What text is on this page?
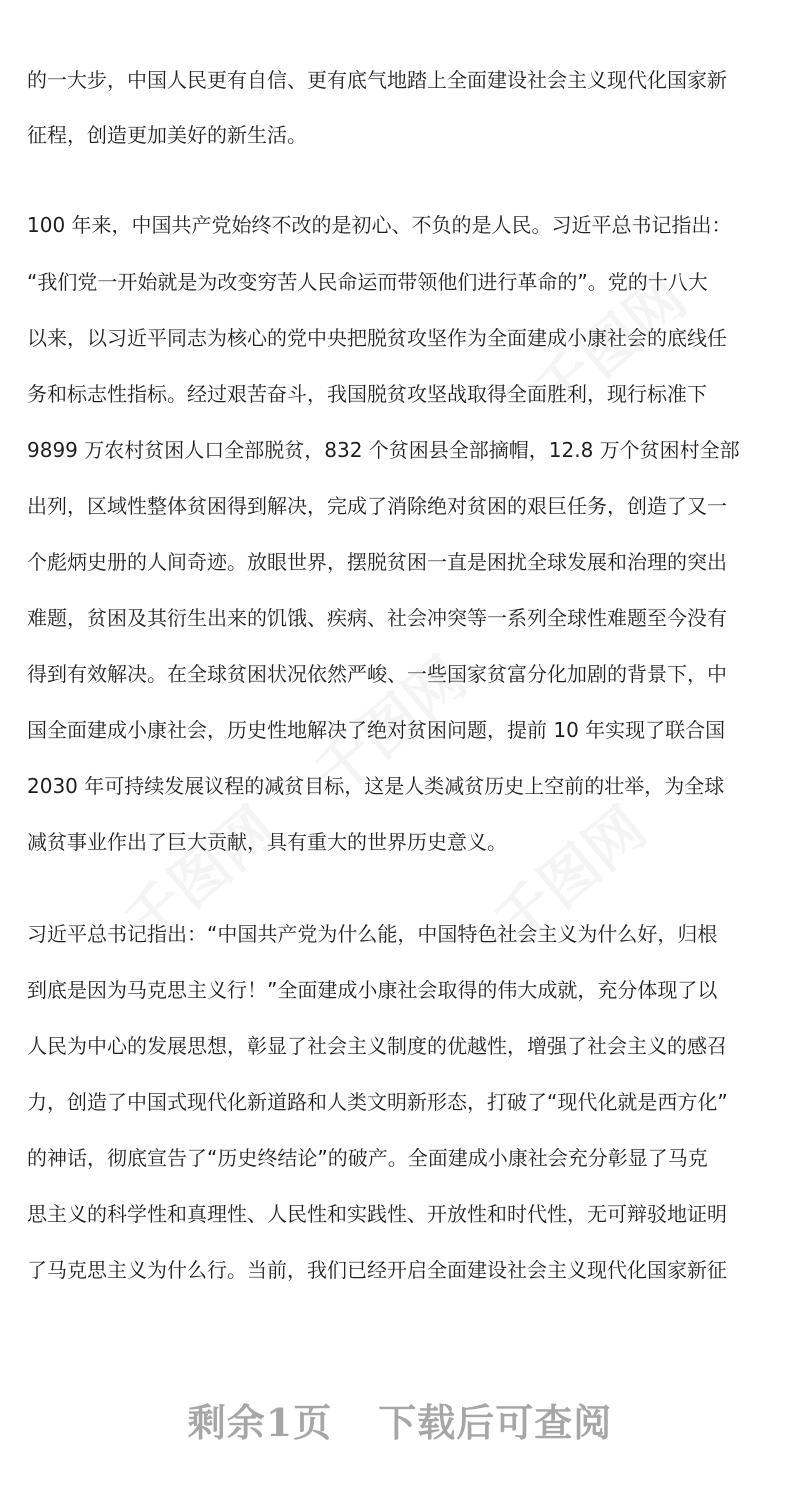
的一大步，中国人民更有自信、更有底气地踏上全面建设社会主义现代化国家新
征程，创造更加美好的新生活。
100 年来，中国共产党始终不改的是初心、不负的是人民。习近平总书记指出：
“我们党一开始就是为改变穷苦人民命运而带领他们进行革命的”。党的十八大
以来，以习近平同志为核心的党中央把脱贫攻坚作为全面建成小康社会的底线任
务和标志性指标。经过艰苦奋斗，我国脱贫攻坚战取得全面胜利，现行标准下
9899 万农村贫困人口全部脱贫，832 个贫困县全部摘帽，12.8 万个贫困村全部
出列，区域性整体贫困得到解决，完成了消除绝对贫困的艰巨任务，创造了又一
个彪炳史册的人间奇迹。放眼世界，摆脱贫困一直是困扰全球发展和治理的突出
难题，贫困及其衍生出来的饥饿、疾病、社会冲突等一系列全球性难题至今没有
得到有效解决。在全球贫困状况依然严峻、一些国家贫富分化加剧的背景下，中
国全面建成小康社会，历史性地解决了绝对贫困问题，提前 10 年实现了联合国
2030 年可持续发展议程的减贫目标，这是人类减贫历史上空前的壮举，为全球
减贫事业作出了巨大贡献，具有重大的世界历史意义。
习近平总书记指出：“中国共产党为什么能，中国特色社会主义为什么好，归根
到底是因为马克思主义行！”全面建成小康社会取得的伟大成就，充分体现了以
人民为中心的发展思想，彰显了社会主义制度的优越性，增强了社会主义的感召
力，创造了中国式现代化新道路和人类文明新形态，打破了“现代化就是西方化”
的神话，彻底宣告了“历史终结论”的破产。全面建成小康社会充分彰显了马克
思主义的科学性和真理性、人民性和实践性、开放性和时代性，无可辩驳地证明
了马克思主义为什么行。当前，我们已经开启全面建设社会主义现代化国家新征
剩余1页 下载后可查阅
